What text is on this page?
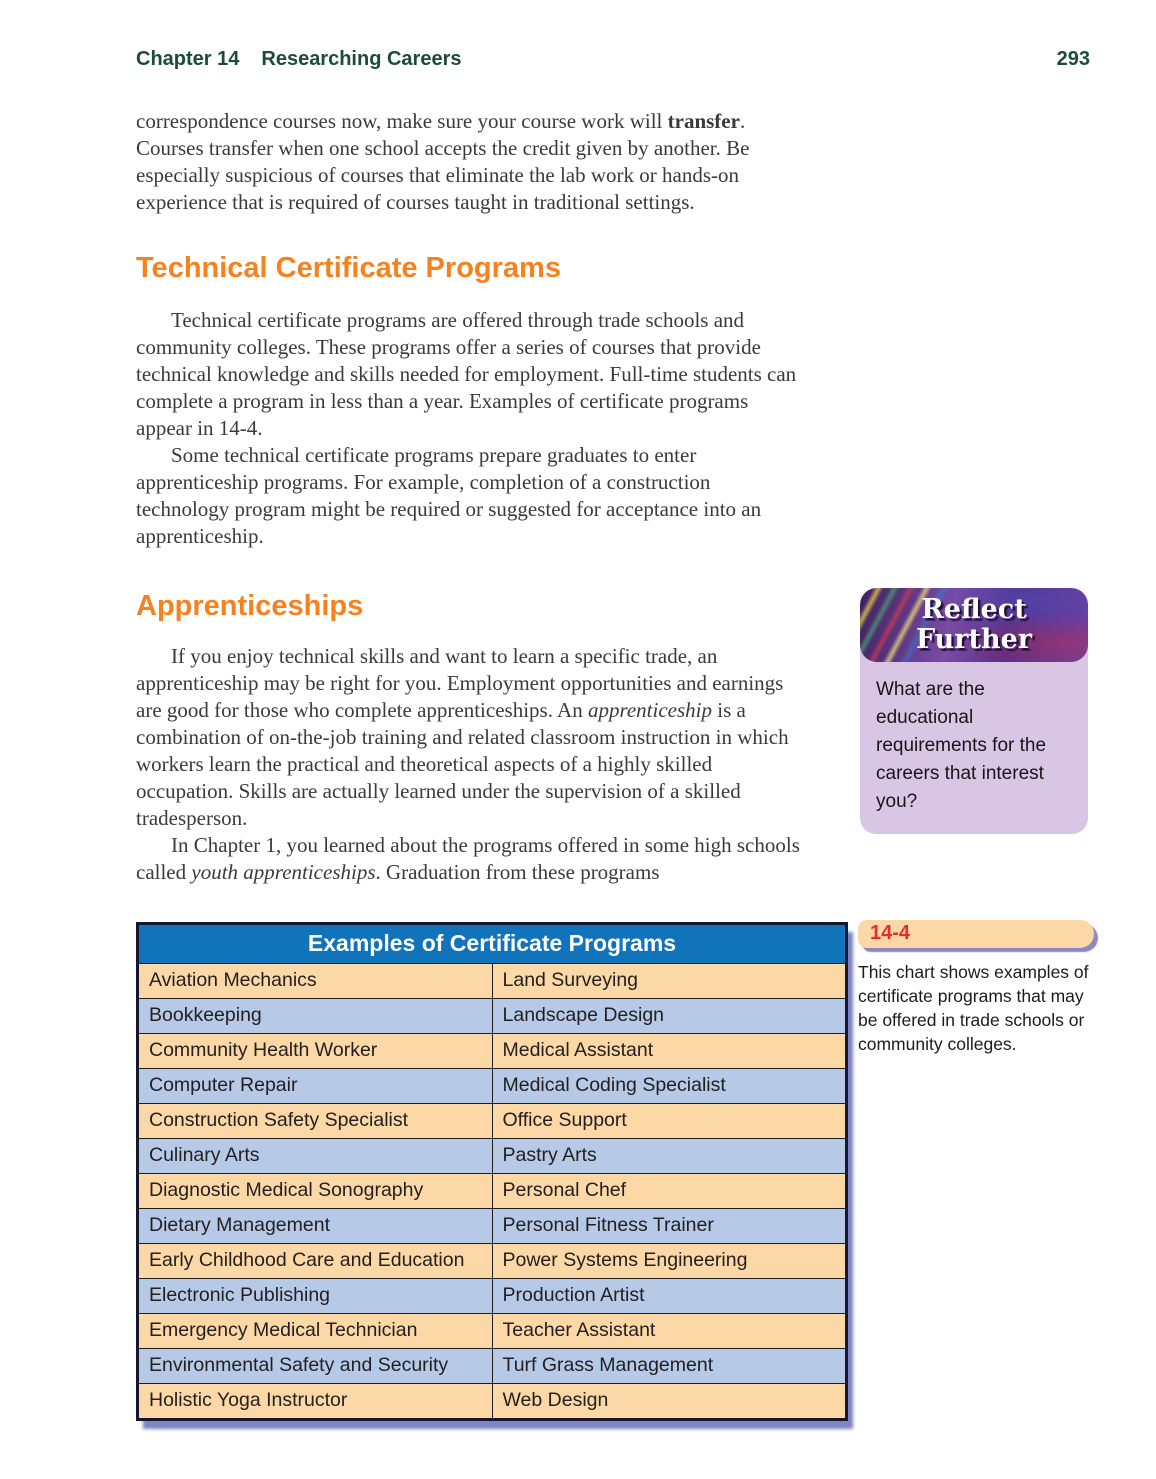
Chapter 14 Researching Careers	293

correspondence courses now, make sure your course work will transfer. Courses transfer when one school accepts the credit given by another. Be especially suspicious of courses that eliminate the lab work or hands-on experience that is required of courses taught in traditional settings.

Technical Certificate Programs

Technical certificate programs are offered through trade schools and community colleges. These programs offer a series of courses that provide technical knowledge and skills needed for employment. Full-time students can complete a program in less than a year. Examples of certificate programs appear in 14-4.

Some technical certificate programs prepare graduates to enter apprenticeship programs. For example, completion of a construction technology program might be required or suggested for acceptance into an apprenticeship.

Apprenticeships

If you enjoy technical skills and want to learn a specific trade, an apprenticeship may be right for you. Employment opportunities and earnings are good for those who complete apprenticeships. An apprenticeship is a combination of on-the-job training and related classroom instruction in which workers learn the practical and theoretical aspects of a highly skilled occupation. Skills are actually learned under the supervision of a skilled tradesperson.

In Chapter 1, you learned about the programs offered in some high schools called youth apprenticeships. Graduation from these programs

Reflect
Further
What are the educational requirements for the careers that interest you?
Examples of Certificate Programs	
Aviation Mechanics	Land Surveying
Bookkeeping	Landscape Design
Community Health Worker	Medical Assistant
Computer Repair	Medical Coding Specialist
Construction Safety Specialist	Office Support
Culinary Arts	Pastry Arts
Diagnostic Medical Sonography	Personal Chef
Dietary Management	Personal Fitness Trainer
Early Childhood Care and Education	Power Systems Engineering
Electronic Publishing	Production Artist
Emergency Medical Technician	Teacher Assistant
Environmental Safety and Security	Turf Grass Management
Holistic Yoga Instructor	Web Design
14-4
This chart shows examples of certificate programs that may be offered in trade schools or community colleges.
